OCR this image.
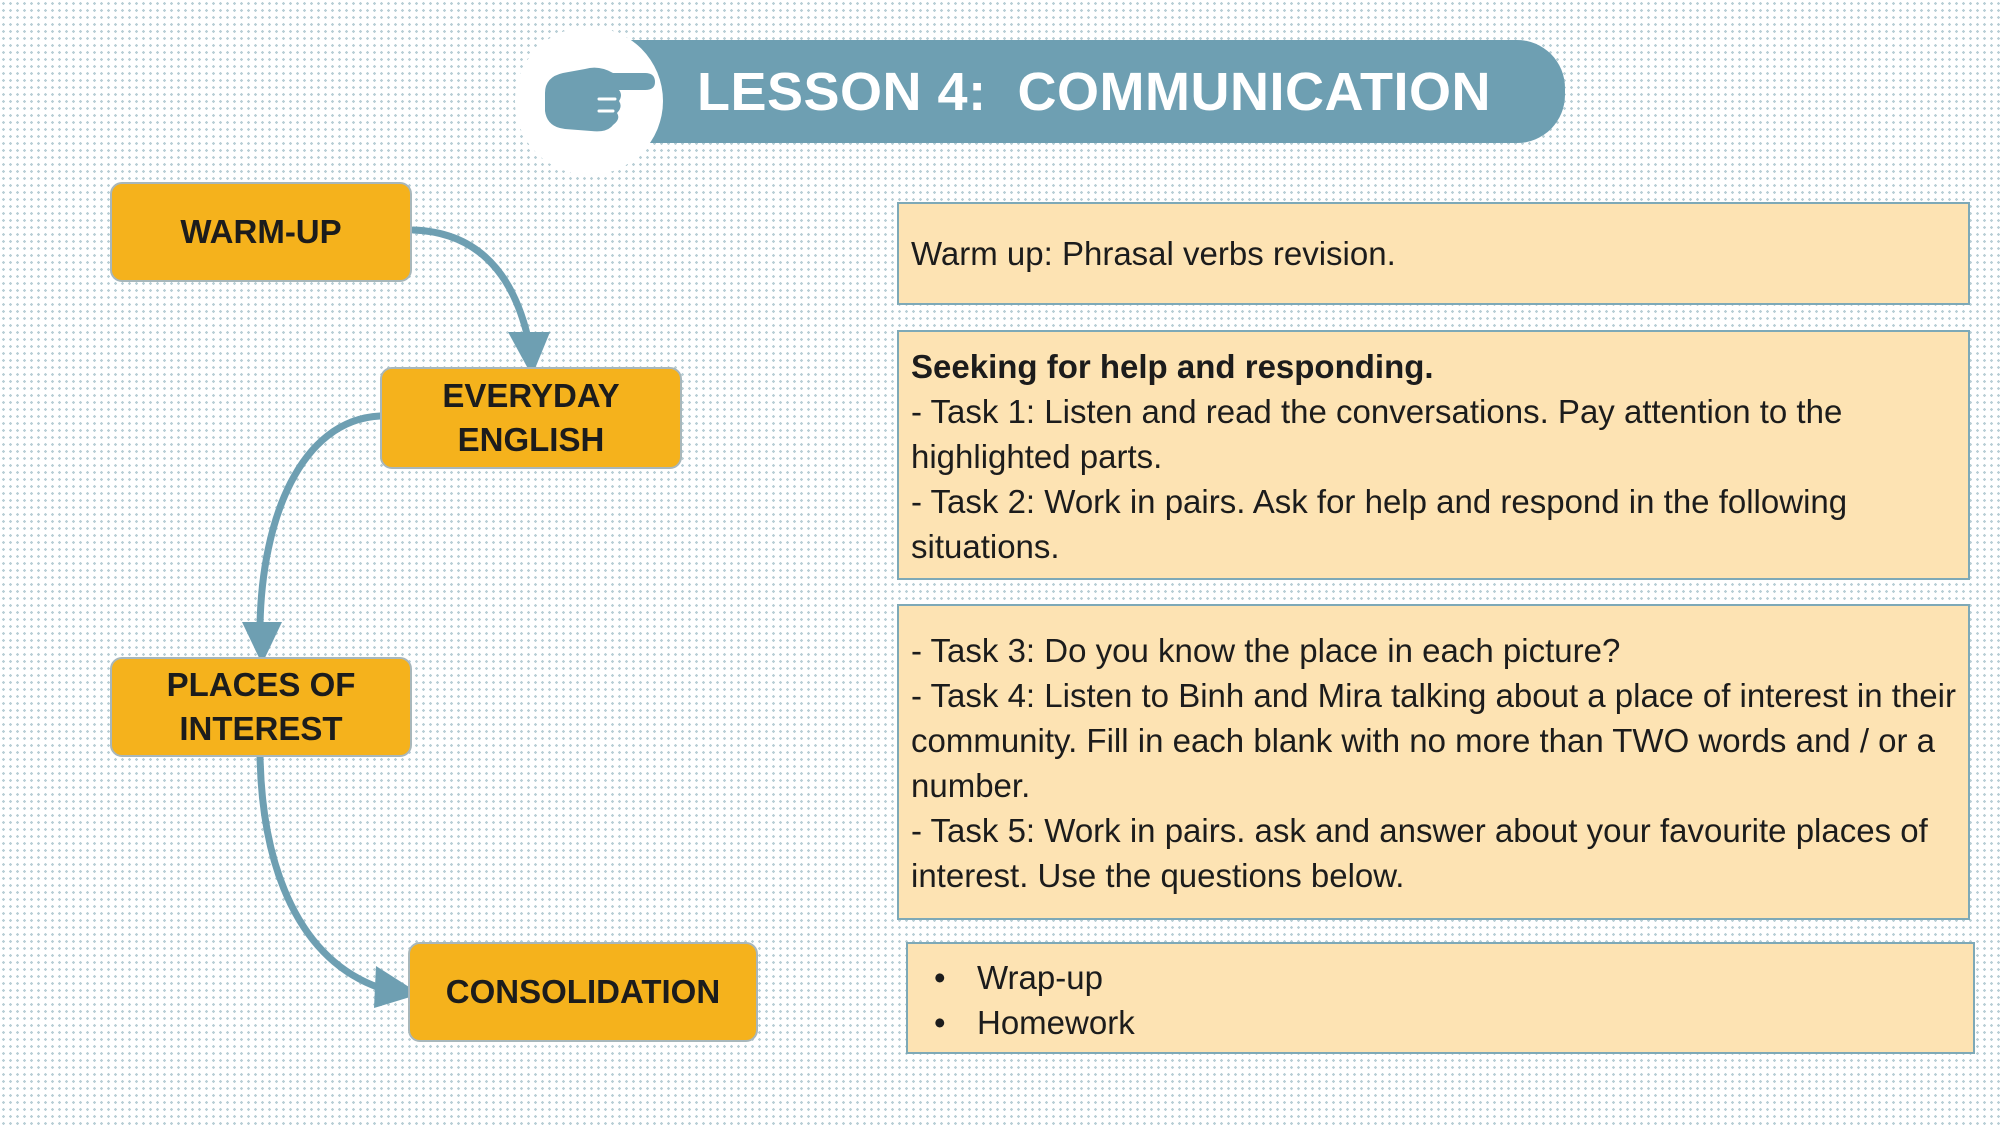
LESSON 4:  COMMUNICATION
WARM-UP
EVERYDAY
ENGLISH
PLACES OF
INTEREST
CONSOLIDATION

Warm up: Phrasal verbs revision.

Seeking for help and responding.

- Task 1: Listen and read the conversations. Pay attention to the highlighted parts.

- Task 2: Work in pairs. Ask for help and respond in the following situations.

- Task 3: Do you know the place in each picture?

- Task 4: Listen to Binh and Mira talking about a place of interest in their community. Fill in each blank with no more than TWO words and / or a number.

- Task 5: Work in pairs. ask and answer about your favourite places of interest. Use the questions below.

• Wrap-up
• Homework
